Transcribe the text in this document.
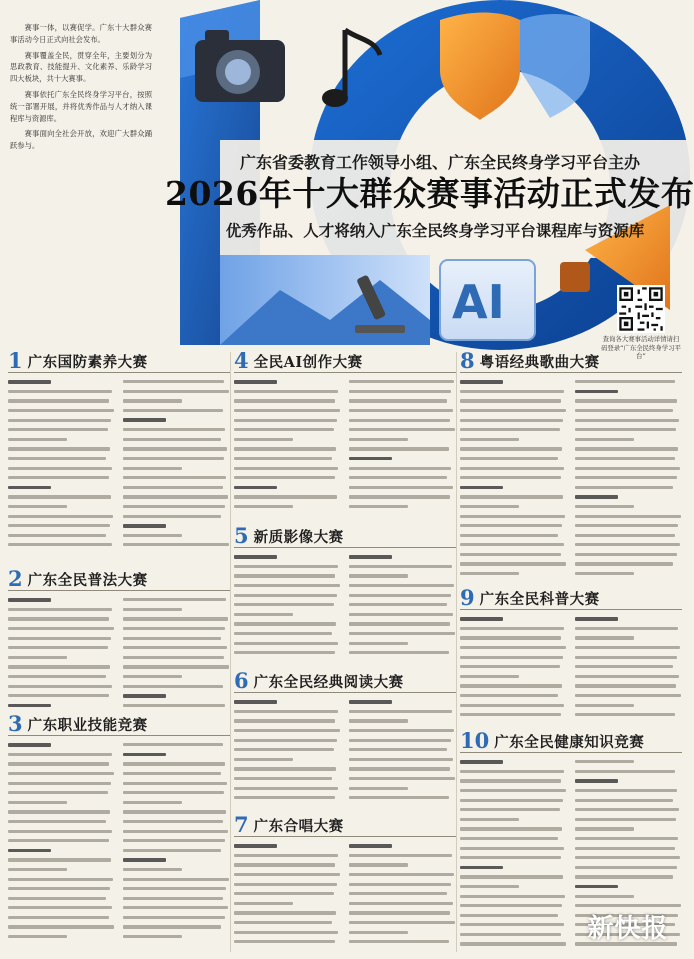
AI

赛事一体，以赛促学。广东十大群众赛事活动今日正式向社会发布。

赛事覆盖全民，贯穿全年，主要划分为思政教育、技能提升、文化素养、乐龄学习四大板块，共十大赛事。

赛事依托广东全民终身学习平台，按照统一部署开展，并将优秀作品与人才纳入课程库与资源库。

赛事面向全社会开放，欢迎广大群众踊跃参与。

广东省委教育工作领导小组、广东全民终身学习平台主办
2026年十大群众赛事活动正式发布
优秀作品、人才将纳入广东全民终身学习平台课程库与资源库
查询各大赛事活动详情请扫码登录“广东全民终身学习平台”
1 广东国防素养大赛
2 广东全民普法大赛
3 广东职业技能竞赛
4 全民AI创作大赛
5 新质影像大赛
6 广东全民经典阅读大赛
7 广东合唱大赛
8 粤语经典歌曲大赛
9 广东全民科普大赛
10 广东全民健康知识竞赛
新快报
